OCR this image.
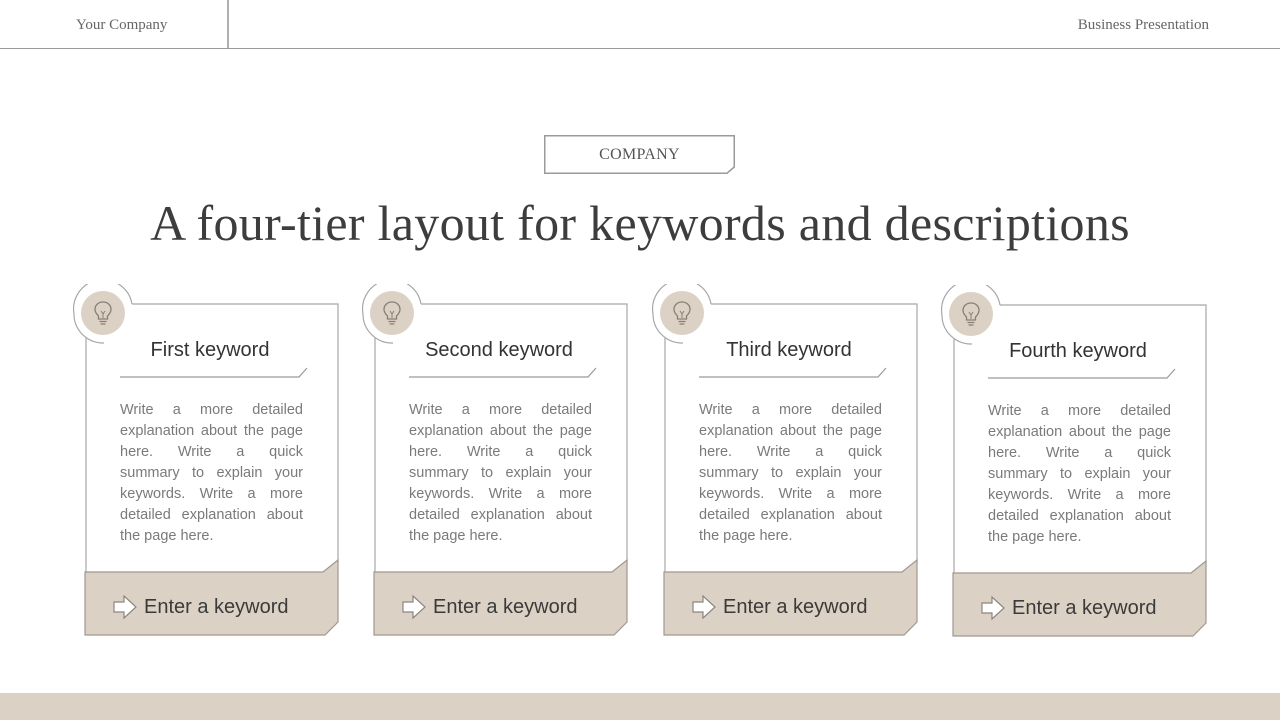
Your Company	Business Presentation
COMPANY
A four-tier layout for keywords and descriptions
First keyword
Write a more detailed explanation about the page here. Write a quick summary to explain your keywords. Write a more detailed explanation about the page here.
Enter a keyword
Second keyword
Write a more detailed explanation about the page here. Write a quick summary to explain your keywords. Write a more detailed explanation about the page here.
Enter a keyword
Third keyword
Write a more detailed explanation about the page here. Write a quick summary to explain your keywords. Write a more detailed explanation about the page here.
Enter a keyword
Fourth keyword
Write a more detailed explanation about the page here. Write a quick summary to explain your keywords. Write a more detailed explanation about the page here.
Enter a keyword
